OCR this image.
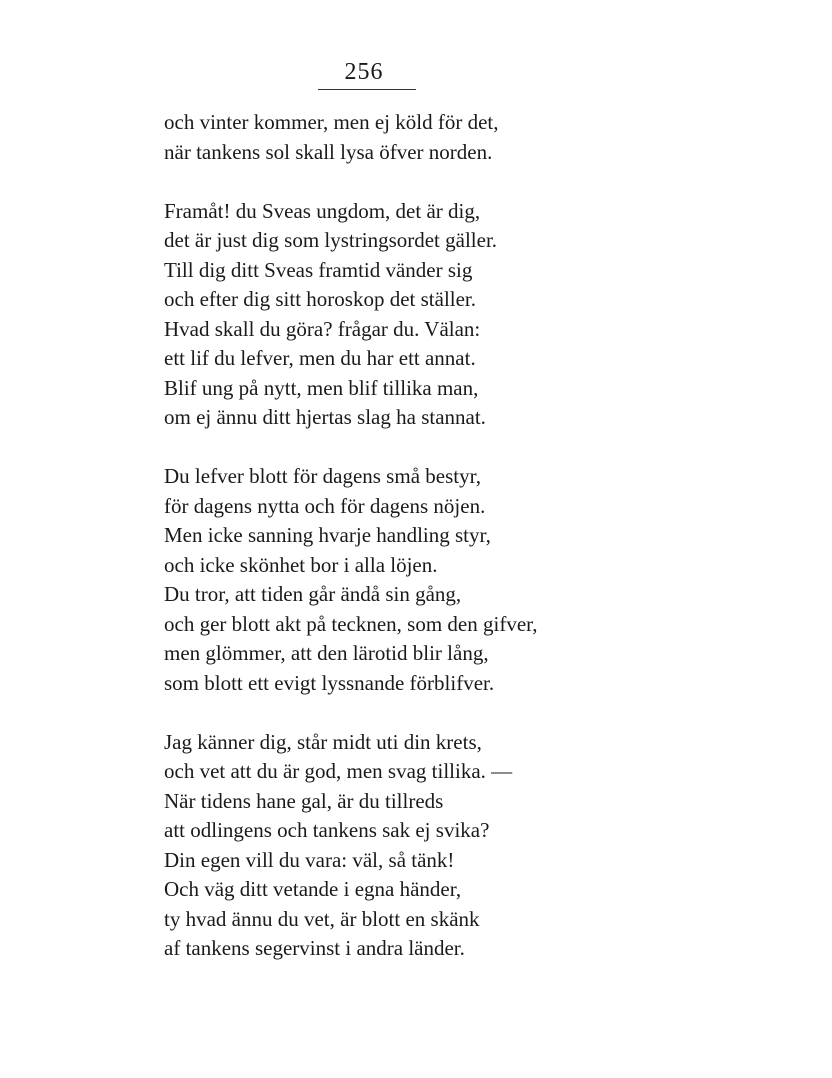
256
och vinter kommer, men ej köld för det,
när tankens sol skall lysa öfver norden.
Framåt! du Sveas ungdom, det är dig,
det är just dig som lystringsordet gäller.
Till dig ditt Sveas framtid vänder sig
och efter dig sitt horoskop det ställer.
Hvad skall du göra? frågar du. Välan:
ett lif du lefver, men du har ett annat.
Blif ung på nytt, men blif tillika man,
om ej ännu ditt hjertas slag ha stannat.
Du lefver blott för dagens små bestyr,
för dagens nytta och för dagens nöjen.
Men icke sanning hvarje handling styr,
och icke skönhet bor i alla löjen.
Du tror, att tiden går ändå sin gång,
och ger blott akt på tecknen, som den gifver,
men glömmer, att den lärotid blir lång,
som blott ett evigt lyssnande förblifver.
Jag känner dig, står midt uti din krets,
och vet att du är god, men svag tillika. —
När tidens hane gal, är du tillreds
att odlingens och tankens sak ej svika?
Din egen vill du vara: väl, så tänk!
Och väg ditt vetande i egna händer,
ty hvad ännu du vet, är blott en skänk
af tankens segervinst i andra länder.
